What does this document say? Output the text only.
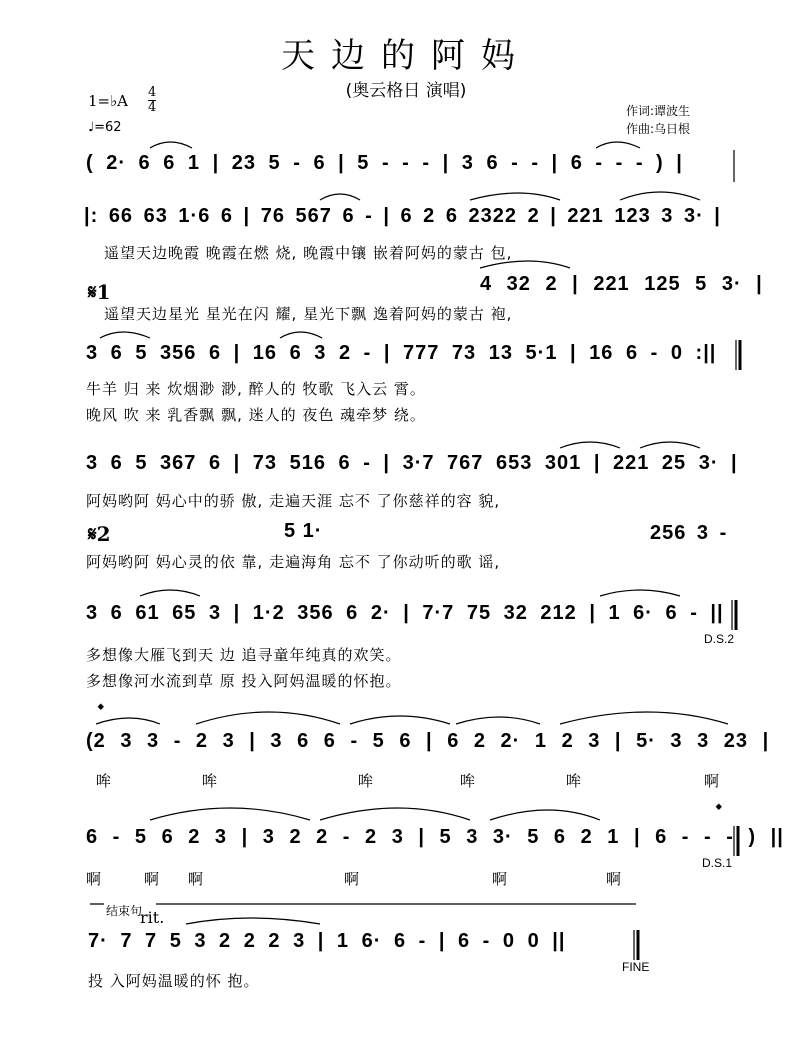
天边的阿妈
(奥云格日 演唱)
1=♭A 4
4
♩=62
作词:谭波生
作曲:乌日根
( 2· 6 6 1 | 23 5 - 6 | 5 - - - | 3 6 - - | 6 - - - ) |
|: 66 63 1·6 6 | 76 567 6 - | 6 2 6 2322 2 | 221 123 3 3· |
遥望天边晚霞 晚霞在燃 烧, 晚霞中镶 嵌着阿妈的蒙古 包,
𝄋1	4 32 2 | 221 125 5 3· |
遥望天边星光 星光在闪 耀, 星光下飘 逸着阿妈的蒙古 袍,
3 6 5 356 6 | 16 6 3 2 - | 777 73 13 5·1 | 16 6 - 0 :||
牛羊 归 来 炊烟渺 渺, 醉人的 牧歌 飞入云 霄。
晚风 吹 来 乳香飘 飘, 迷人的 夜色 魂牵梦 绕。
3 6 5 367 6 | 73 516 6 - | 3·7 767 653 301 | 221 25 3· |
阿妈哟阿 妈心中的骄 傲, 走遍天涯 忘不 了你慈祥的容 貌,
𝄋2	5 1·	256 3 -
阿妈哟阿 妈心灵的依 靠, 走遍海角 忘不 了你动听的歌 谣,
3 6 61 65 3 | 1·2 356 6 2· | 7·7 75 32 212 | 1 6· 6 - ||
D.S.2
多想像大雁飞到天 边 追寻童年纯真的欢笑。
多想像河水流到草 原 投入阿妈温暖的怀抱。
𝄌
(2 3 3 - 2 3 | 3 6 6 - 5 6 | 6 2 2· 1 2 3 | 5· 3 3 23 |
哞	哞	哞	哞	哞	啊
6 - 5 6 2 3 | 3 2 2 - 2 3 | 5 3 3· 5 6 2 1 | 6 - - - ) ||
𝄌
D.S.1
啊	啊 啊	啊	啊	啊
结束句
rit.
7· 7 7 5 3 2 2 2 3 | 1 6· 6 - | 6 - 0 0 ||
FINE
投 入阿妈温暖的怀 抱。
